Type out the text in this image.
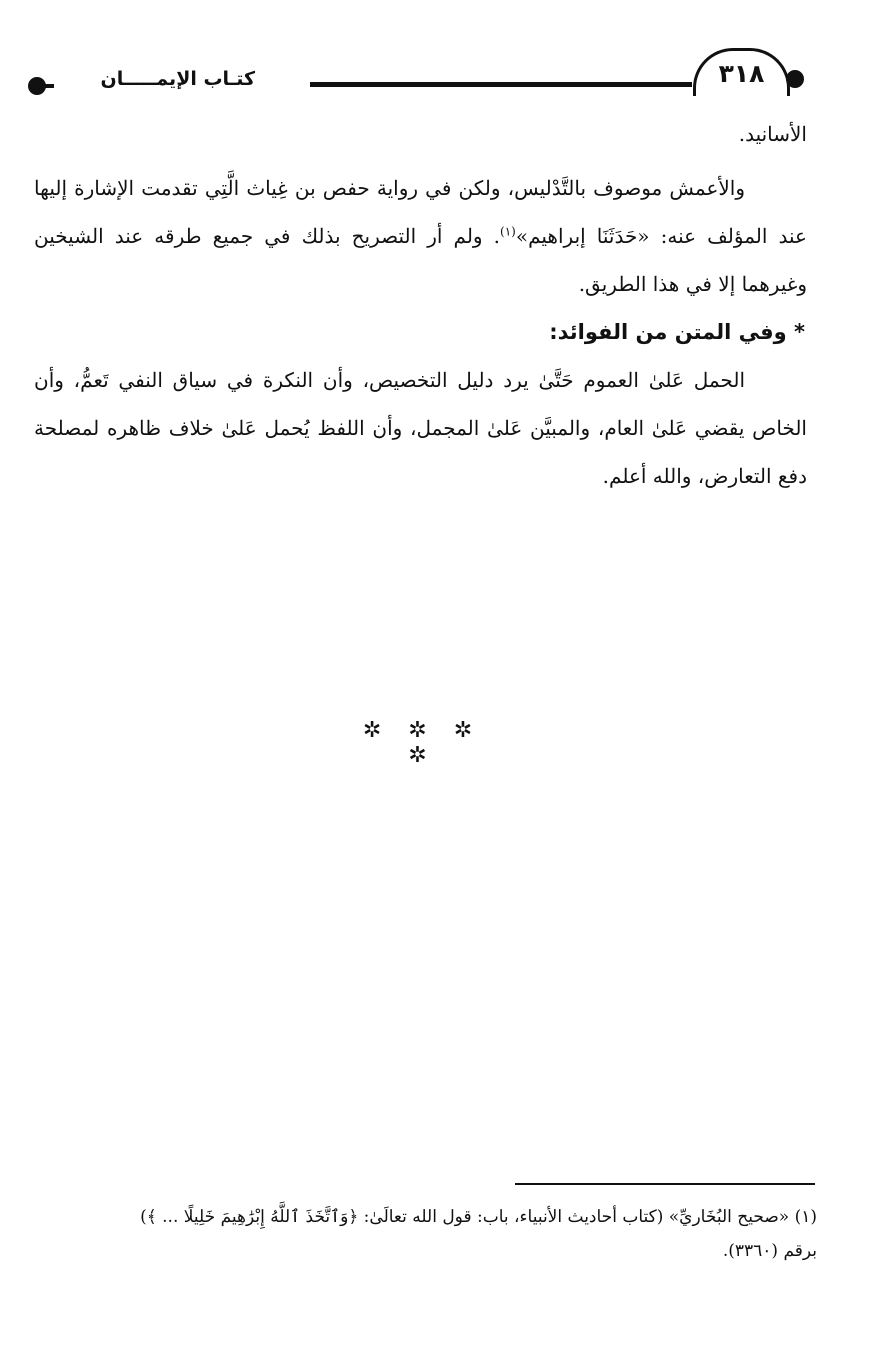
كتـاب الإيمـــــان	٣١٨

الأسانيد.

والأعمش موصوف بالتَّدْليس، ولكن في رواية حفص بن غِياث الَّتِي تقدمت الإشارة إليها عند المؤلف عنه: «حَدَثَنَا إبراهيم»$^{(١)}$. ولم أر التصريح بذلك في جميع طرقه عند الشيخين وغيرهما إلا في هذا الطريق.

* وفي المتن من الفوائد:

الحمل عَلىٰ العموم حَتَّىٰ يرد دليل التخصيص، وأن النكرة في سياق النفي تَعمُّ، وأن الخاص يقضي عَلىٰ العام، والمبيَّن عَلىٰ المجمل، وأن اللفظ يُحمل عَلىٰ خلاف ظاهره لمصلحة دفع التعارض، والله أعلم.

✲ ✲ ✲ ✲

(١) «صحيح البُخَاريِّ» (كتاب أحاديث الأنبياء، باب: قول الله تعالَىٰ: ﴿وَٱتَّخَذَ ٱللَّهُ إِبْرَٰهِيمَ خَلِيلًا ... ﴾)

برقم (٣٣٦٠).
